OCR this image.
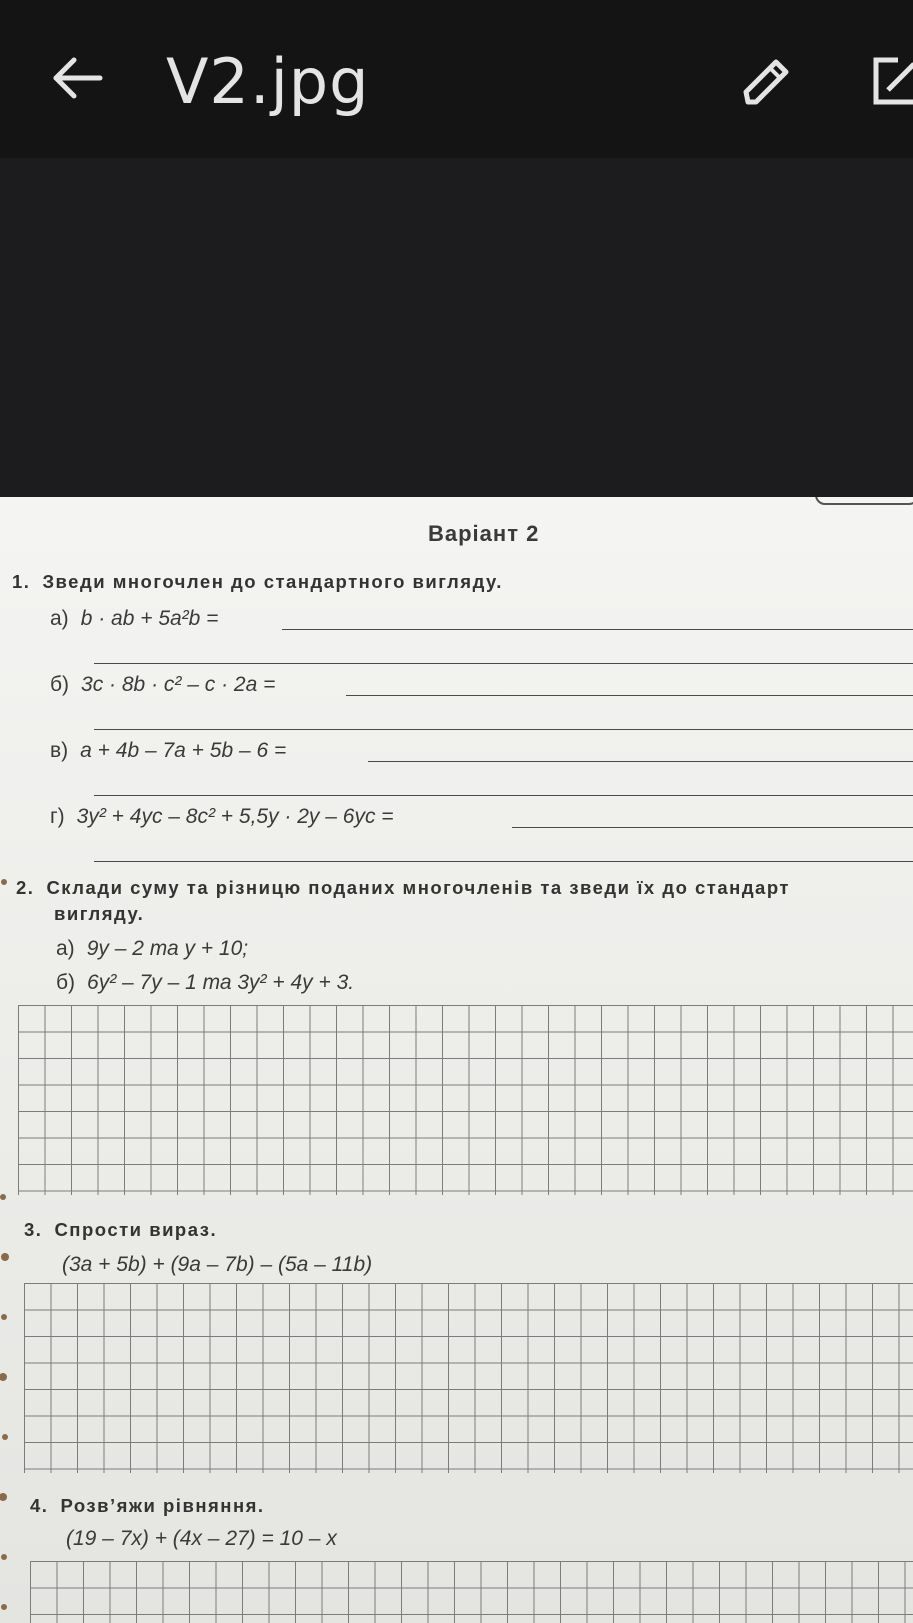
V2.jpg
Варіант 2
1. Зведи многочлен до стандартного вигляду.
а) b · ab + 5a²b =
б) 3c · 8b · c² – c · 2a =
в) a + 4b – 7a + 5b – 6 =
г) 3y² + 4yc – 8c² + 5,5y · 2y – 6yc =
2. Склади суму та різницю поданих многочленів та зведи їх до стандарт
вигляду.
а) 9y – 2 та y + 10;
б) 6y² – 7y – 1 та 3y² + 4y + 3.
3. Спрости вираз.
(3a + 5b) + (9a – 7b) – (5a – 11b)
4. Розв’яжи рівняння.
(19 – 7x) + (4x – 27) = 10 – x
